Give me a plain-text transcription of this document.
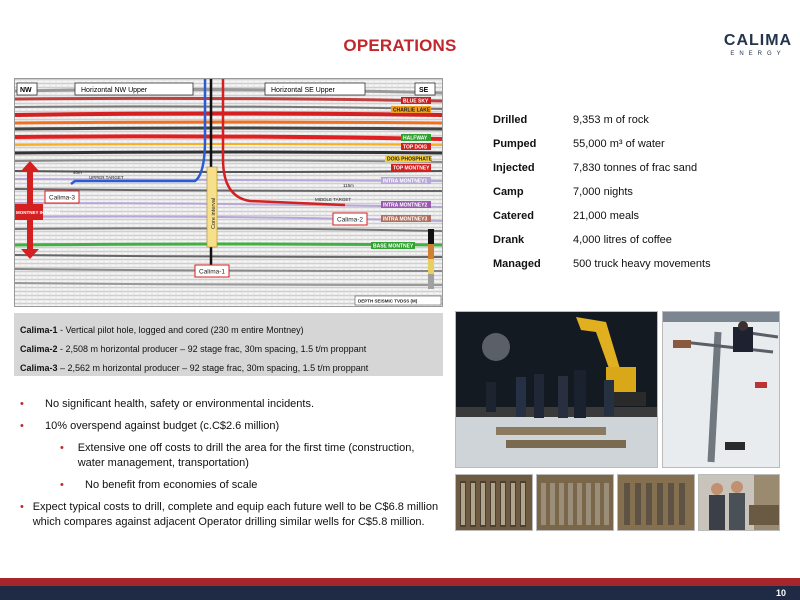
OPERATIONS	CALIMA
ENERGY
NW	SE
Horizontal NW Upper	Horizontal SE Upper
BLUE SKY
CHARLIE LAKE
HALFWAY
TOP DOIG
DOIG PHOSPHATE
TOP MONTNEY
INTRA MONTNEY1
INTRA MONTNEY2
INTRA MONTNEY3
BASE MONTNEY
Core interval
UPPER TARGET
MIDDLE TARGET
40m
115m
MONTNEY INTERVAL
Calima-3
Calima-2
Calima-1
DEPTH SEISMIC TVDSS (M)

Calima-1 - Vertical pilot hole, logged and cored (230 m entire Montney)

Calima-2 - 2,508 m horizontal producer – 92 stage frac, 30m spacing, 1.5 t/m proppant

Calima-3 – 2,562 m horizontal producer – 92 stage frac, 30m spacing, 1.5 t/m proppant

Drilled	9,353 m of rock
Pumped	55,000 m³ of water
Injected	7,830 tonnes of frac sand
Camp	7,000 nights
Catered	21,000 meals
Drank	4,000 litres of coffee
Managed	500 truck heavy movements
•	No significant health, safety or environmental incidents.
•	10% overspend against budget (c.C$2.6 million)
•	Extensive one off costs to drill the area for the first time (construction, water management, transportation)
•	No benefit from economies of scale
• Expect typical costs to drill, complete and equip each future well to be C$6.8 million which compares against adjacent Operator drilling similar wells for C$5.8 million.
10
